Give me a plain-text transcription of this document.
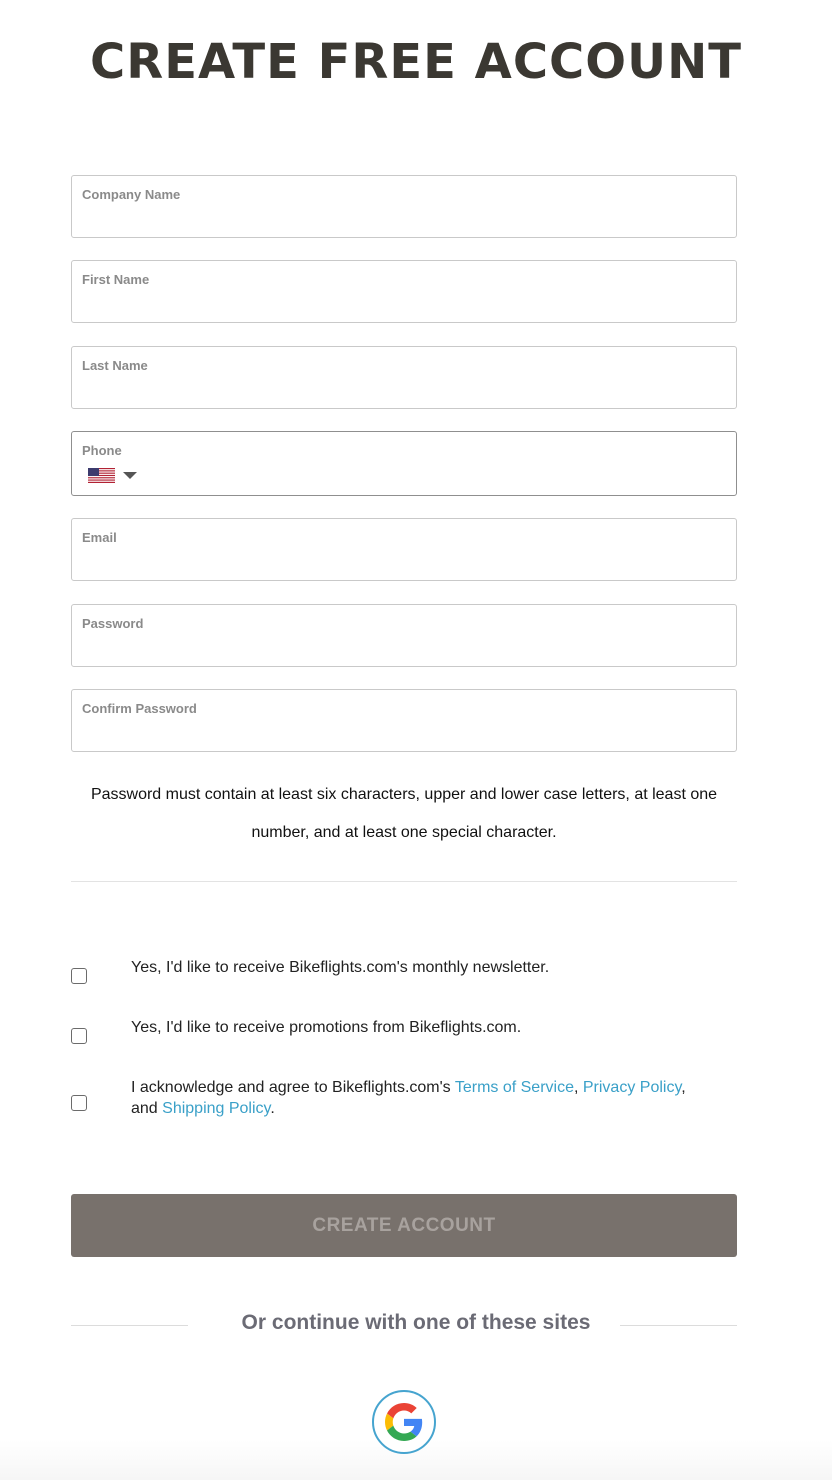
CREATE FREE ACCOUNT
Company Name
First Name
Last Name
Phone
Email
Password
Confirm Password

Password must contain at least six characters, upper and lower case letters, at least one number, and at least one special character.

Yes, I'd like to receive Bikeflights.com's monthly newsletter.
Yes, I'd like to receive promotions from Bikeflights.com.
I acknowledge and agree to Bikeflights.com's Terms of Service, Privacy Policy, and Shipping Policy.
CREATE ACCOUNT
Or continue with one of these sites
